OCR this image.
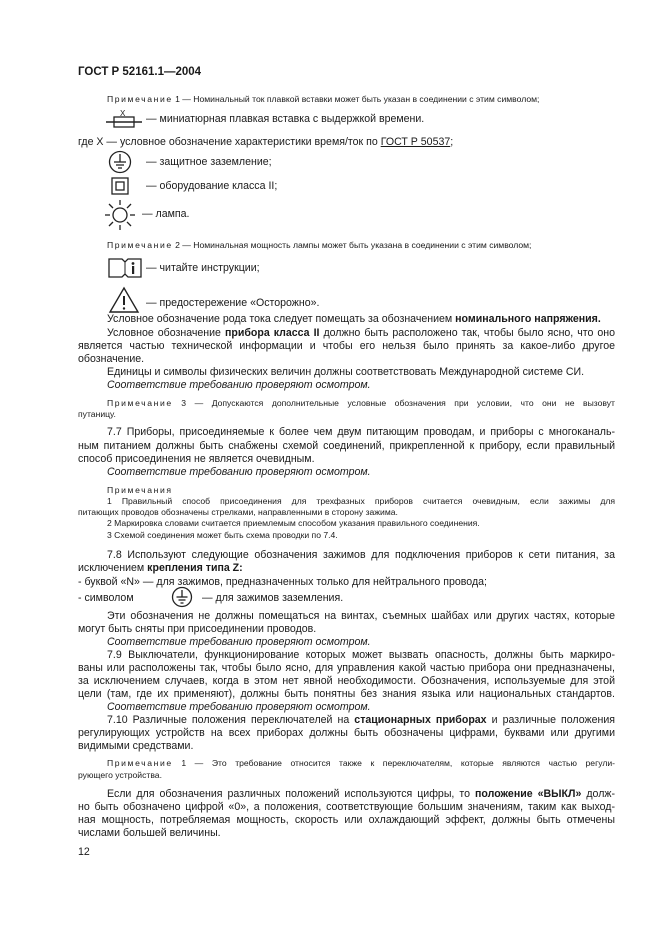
ГОСТ Р 52161.1—2004
Примечание 1 — Номинальный ток плавкой вставки может быть указан в соединении с этим символом;
X — миниатюрная плавкая вставка с выдержкой времени.
где X — условное обозначение характеристики время/ток по ГОСТ Р 50537;
— защитное заземление;
— оборудование класса II;
— лампа.
Примечание 2 — Номинальная мощность лампы может быть указана в соединении с этим символом;
— читайте инструкции;
— предостережение «Осторожно».
Условное обозначение рода тока следует помещать за обозначением номинального напряжения.
Условное обозначение прибора класса II должно быть расположено так, чтобы было ясно, что оно
является частью технической информации и чтобы его нельзя было принять за какое-либо другое
обозначение.
Единицы и символы физических величин должны соответствовать Международной системе СИ.
Соответствие требованию проверяют осмотром.
Примечание 3 — Допускаются дополнительные условные обозначения при условии, что они не вызовут
путаницу.
7.7 Приборы, присоединяемые к более чем двум питающим проводам, и приборы с многоканаль-
ным питанием должны быть снабжены схемой соединений, прикрепленной к прибору, если правильный
способ присоединения не является очевидным.
Соответствие требованию проверяют осмотром.
Примечания
1 Правильный способ присоединения для трехфазных приборов считается очевидным, если зажимы для
питающих проводов обозначены стрелками, направленными в сторону зажима.
2 Маркировка словами считается приемлемым способом указания правильного соединения.
3 Схемой соединения может быть схема проводки по 7.4.
7.8 Используют следующие обозначения зажимов для подключения приборов к сети питания, за
исключением крепления типа Z:
- буквой «N» — для зажимов, предназначенных только для нейтрального провода;
- символом	— для зажимов заземления.
Эти обозначения не должны помещаться на винтах, съемных шайбах или других частях, которые
могут быть сняты при присоединении проводов.
Соответствие требованию проверяют осмотром.
7.9 Выключатели, функционирование которых может вызвать опасность, должны быть маркиро-
ваны или расположены так, чтобы было ясно, для управления какой частью прибора они предназначены,
за исключением случаев, когда в этом нет явной необходимости. Обозначения, используемые для этой
цели (там, где их применяют), должны быть понятны без знания языка или национальных стандартов.
Соответствие требованию проверяют осмотром.
7.10 Различные положения переключателей на стационарных приборах и различные положения
регулирующих устройств на всех приборах должны быть обозначены цифрами, буквами или другими
видимыми средствами.
Примечание 1 — Это требование относится также к переключателям, которые являются частью регули-
рующего устройства.
Если для обозначения различных положений используются цифры, то положение «ВЫКЛ» долж-
но быть обозначено цифрой «0», а положения, соответствующие большим значениям, таким как выход-
ная мощность, потребляемая мощность, скорость или охлаждающий эффект, должны быть отмечены
числами большей величины.
12
